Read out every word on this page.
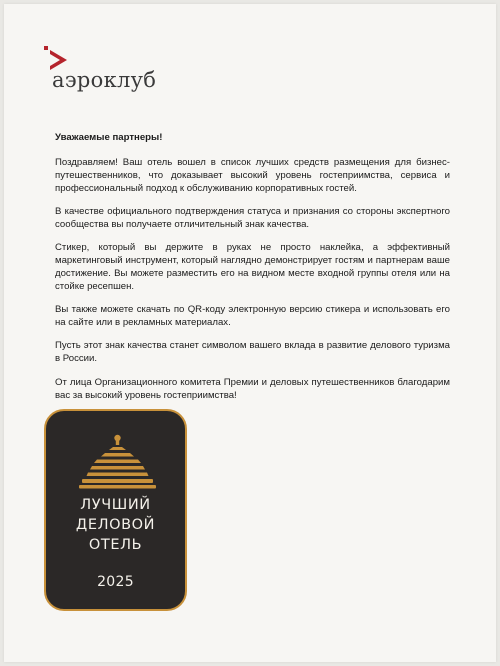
аэроклуб

Уважаемые партнеры!

Поздравляем! Ваш отель вошел в список лучших средств размещения для бизнес-путешественников, что доказывает высокий уровень гостеприимства, сервиса и профессиональный подход к обслуживанию корпоративных гостей.

В качестве официального подтверждения статуса и признания со стороны экспертного сообщества вы получаете отличительный знак качества.

Стикер, который вы держите в руках не просто наклейка, а эффективный маркетинговый инструмент, который наглядно демонстрирует гостям и партнерам ваше достижение. Вы можете разместить его на видном месте входной группы отеля или на стойке ресепшен.

Вы также можете скачать по QR-коду электронную версию стикера и использовать его на сайте или в рекламных материалах.

Пусть этот знак качества станет символом вашего вклада в развитие делового туризма в России.

От лица Организационного комитета Премии и деловых путешественников благодарим вас за высокий уровень гостеприимства!

ЛУЧШИЙ
ДЕЛОВОЙ
ОТЕЛЬ
2025
